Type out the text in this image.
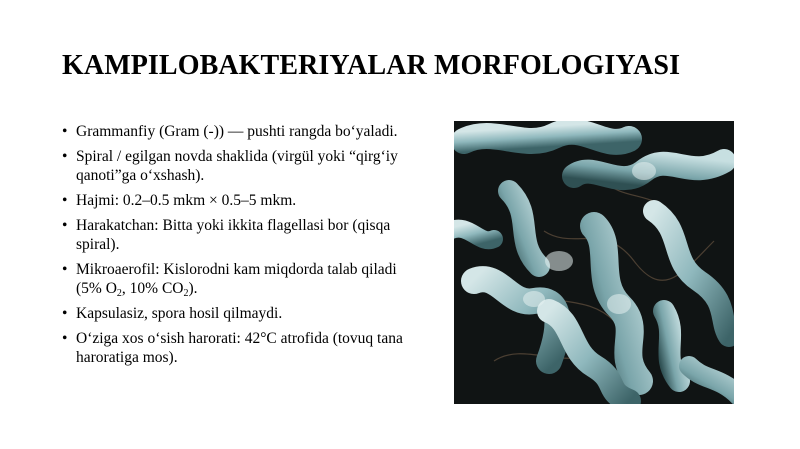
KAMPILOBAKTERIYALAR MORFOLOGIYASI
• Grammanfiy (Gram (-)) — pushti rangda bo‘yaladi.
• Spiral / egilgan novda shaklida (virgül yoki “qirg‘iy qanoti”ga o‘xshash).
• Hajmi: 0.2–0.5 mkm × 0.5–5 mkm.
• Harakatchan: Bitta yoki ikkita flagellasi bor (qisqa spiral).
• Mikroaerofil: Kislorodni kam miqdorda talab qiladi (5% $O_2$, 10% $CO_2$).
• Kapsulasiz, spora hosil qilmaydi.
• O‘ziga xos o‘sish harorati: 42°C atrofida (tovuq tana haroratiga mos).
